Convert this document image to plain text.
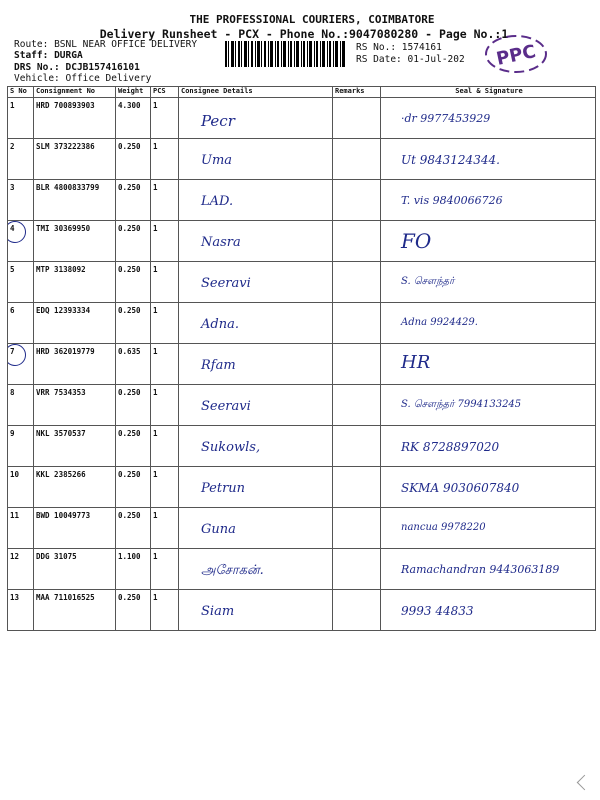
THE PROFESSIONAL COURIERS, COIMBATORE
Delivery Runsheet - PCX - Phone No.:9047080280 - Page No.:1
Route: BSNL NEAR OFFICE DELIVERY
Staff: DURGA
DRS No.: DCJB157416101
Vehicle: Office Delivery
RS No.: 1574161
RS Date: 01-Jul-202 PPC
S No	Consignment No	Weight	PCS	Consignee Details	Remarks	Seal & Signature
1	HRD 700893903	4.300	1	Pecr		·dr 9977453929

2	SLM 373222386	0.250	1	Uma		Ut 9843124344.

3	BLR 4800833799	0.250	1	LAD.		T. vis 9840066726

4	TMI 30369950	0.250	1	Nasra		FO

5	MTP 3138092	0.250	1	Seeravi		S. சௌந்தர்

6	EDQ 12393334	0.250	1	Adna.		Adna 9924429.

7	HRD 362019779	0.635	1	Rfam		HR

8	VRR 7534353	0.250	1	Seeravi		S. சௌந்தர் 7994133245

9	NKL 3570537	0.250	1	Sukowls,		RK 8728897020

10	KKL 2385266	0.250	1	Petrun		SKMA 9030607840

11	BWD 10049773	0.250	1	Guna		nancua 9978220

12	DDG 31075	1.100	1	அசோகன்.		Ramachandran 9443063189

13	MAA 711016525	0.250	1	Siam		9993 44833
